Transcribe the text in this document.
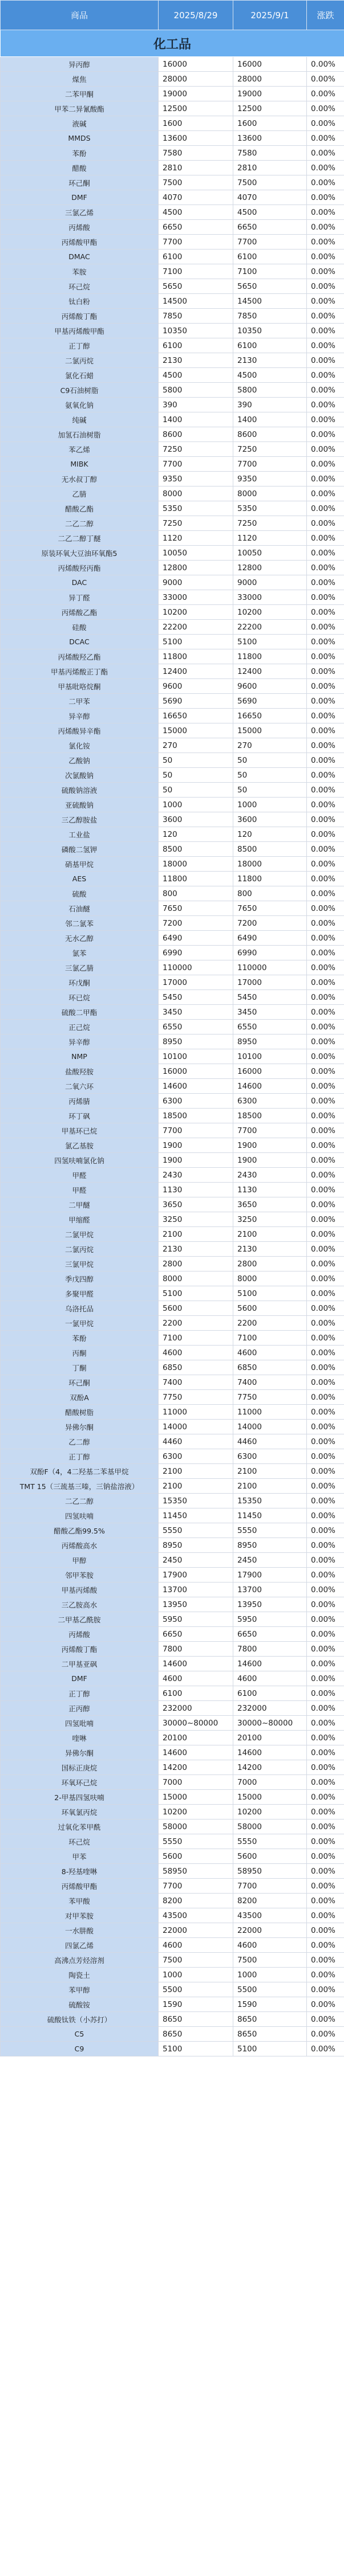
商品	2025/8/29	2025/9/1	涨跌
化工品			
异丙醇	16000	16000	0.00%
煤焦	28000	28000	0.00%
二苯甲酮	19000	19000	0.00%
甲苯二异氰酸酯	12500	12500	0.00%
液碱	1600	1600	0.00%
MMDS	13600	13600	0.00%
苯酚	7580	7580	0.00%
醋酸	2810	2810	0.00%
环己酮	7500	7500	0.00%
DMF	4070	4070	0.00%
三氯乙烯	4500	4500	0.00%
丙烯酸	6650	6650	0.00%
丙烯酸甲酯	7700	7700	0.00%
DMAC	6100	6100	0.00%
苯胺	7100	7100	0.00%
环己烷	5650	5650	0.00%
钛白粉	14500	14500	0.00%
丙烯酸丁酯	7850	7850	0.00%
甲基丙烯酸甲酯	10350	10350	0.00%
正丁醇	6100	6100	0.00%
二氯丙烷	2130	2130	0.00%
氯化石蜡	4500	4500	0.00%
C9石油树脂	5800	5800	0.00%
氨氧化钠	390	390	0.00%
纯碱	1400	1400	0.00%
加氢石油树脂	8600	8600	0.00%
苯乙烯	7250	7250	0.00%
MIBK	7700	7700	0.00%
无水叔丁醇	9350	9350	0.00%
乙腈	8000	8000	0.00%
醋酸乙酯	5350	5350	0.00%
二乙二醇	7250	7250	0.00%
二乙二醇丁醚	1120	1120	0.00%
原装环氧大豆油环氧酯5	10050	10050	0.00%
丙烯酸羟丙酯	12800	12800	0.00%
DAC	9000	9000	0.00%
异丁醛	33000	33000	0.00%
丙烯酸乙酯	10200	10200	0.00%
硅酸	22200	22200	0.00%
DCAC	5100	5100	0.00%
丙烯酸羟乙酯	11800	11800	0.00%
甲基丙烯酸正丁酯	12400	12400	0.00%
甲基吡咯烷酮	9600	9600	0.00%
二甲苯	5690	5690	0.00%
异辛醇	16650	16650	0.00%
丙烯酸异辛酯	15000	15000	0.00%
氯化铵	270	270	0.00%
乙酸钠	50	50	0.00%
次氯酸钠	50	50	0.00%
硫酸钠溶液	50	50	0.00%
亚硫酸钠	1000	1000	0.00%
三乙醇胺盐	3600	3600	0.00%
工业盐	120	120	0.00%
磷酸二氢钾	8500	8500	0.00%
硝基甲烷	18000	18000	0.00%
AES	11800	11800	0.00%
硫酸	800	800	0.00%
石油醚	7650	7650	0.00%
邻二氯苯	7200	7200	0.00%
无水乙醇	6490	6490	0.00%
氯苯	6990	6990	0.00%
三氯乙腈	110000	110000	0.00%
环戊酮	17000	17000	0.00%
环已烷	5450	5450	0.00%
硫酸二甲酯	3450	3450	0.00%
正己烷	6550	6550	0.00%
异辛醇	8950	8950	0.00%
NMP	10100	10100	0.00%
盐酸羟胺	16000	16000	0.00%
二氧六环	14600	14600	0.00%
丙烯腈	6300	6300	0.00%
环丁砜	18500	18500	0.00%
甲基环已烷	7700	7700	0.00%
氯乙基胺	1900	1900	0.00%
四氢呋喃氯化钠	1900	1900	0.00%
甲醛	2430	2430	0.00%
甲醛	1130	1130	0.00%
二甲醚	3650	3650	0.00%
甲缩醛	3250	3250	0.00%
二氯甲烷	2100	2100	0.00%
二氯丙烷	2130	2130	0.00%
三氯甲烷	2800	2800	0.00%
季戊四醇	8000	8000	0.00%
多聚甲醛	5100	5100	0.00%
乌洛托品	5600	5600	0.00%
一氯甲烷	2200	2200	0.00%
苯酚	7100	7100	0.00%
丙酮	4600	4600	0.00%
丁酮	6850	6850	0.00%
环己酮	7400	7400	0.00%
双酚A	7750	7750	0.00%
醋酸树脂	11000	11000	0.00%
异佛尔酮	14000	14000	0.00%
乙二醇	4460	4460	0.00%
正丁醇	6300	6300	0.00%
双酚F（4，4二羟基二苯基甲烷	2100	2100	0.00%
TMT 15（三巯基三嗪，三钠盐溶液）	2100	2100	0.00%
二乙二醇	15350	15350	0.00%
四氢呋喃	11450	11450	0.00%
醋酸乙酯99.5%	5550	5550	0.00%
丙烯酸高水	8950	8950	0.00%
甲醇	2450	2450	0.00%
邻甲苯胺	17900	17900	0.00%
甲基丙烯酸	13700	13700	0.00%
三乙胺高水	13950	13950	0.00%
二甲基乙酰胺	5950	5950	0.00%
丙烯酸	6650	6650	0.00%
丙烯酸丁酯	7800	7800	0.00%
二甲基亚砜	14600	14600	0.00%
DMF	4600	4600	0.00%
正丁醇	6100	6100	0.00%
正丙醇	232000	232000	0.00%
四氢吡喃	30000~80000	30000~80000	0.00%
喹啉	20100	20100	0.00%
异佛尔酮	14600	14600	0.00%
国标正庚烷	14200	14200	0.00%
环氧环己烷	7000	7000	0.00%
2-甲基四氢呋喃	15000	15000	0.00%
环氧氯丙烷	10200	10200	0.00%
过氧化苯甲酰	58000	58000	0.00%
环己烷	5550	5550	0.00%
甲苯	5600	5600	0.00%
8-羟基喹啉	58950	58950	0.00%
丙烯酸甲酯	7700	7700	0.00%
苯甲酸	8200	8200	0.00%
对甲苯胺	43500	43500	0.00%
一水肼酸	22000	22000	0.00%
四氯乙烯	4600	4600	0.00%
高沸点芳烃溶剂	7500	7500	0.00%
陶瓷土	1000	1000	0.00%
苯甲醇	5500	5500	0.00%
硫酸铵	1590	1590	0.00%
硫酸钛铁（小苏打）	8650	8650	0.00%
C5	8650	8650	0.00%
C9	5100	5100	0.00%
